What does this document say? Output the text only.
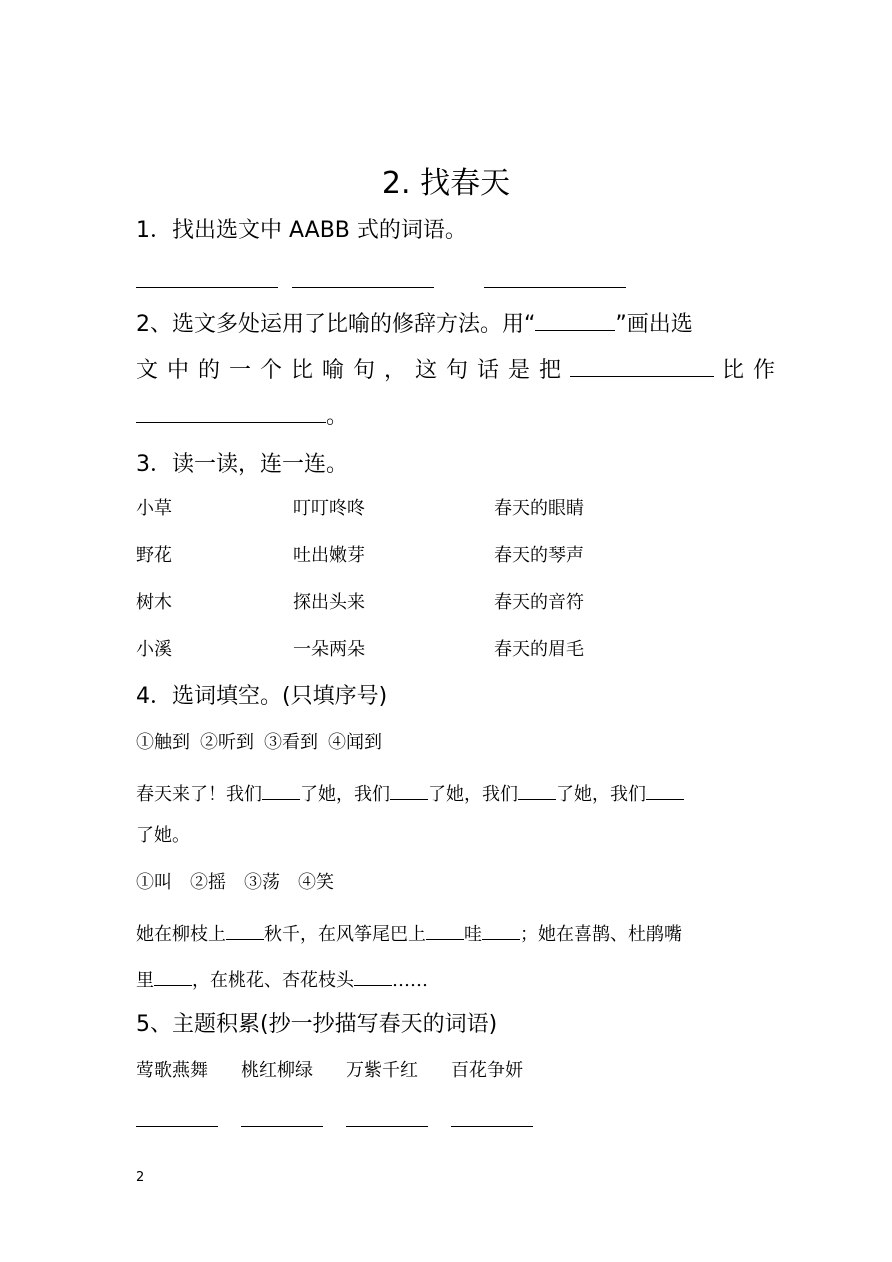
2. 找春天
1．找出选文中 AABB 式的词语。
2、选文多处运用了比喻的修辞方法。用“	”画出选
文中的一个比喻句，这句话是把	比作
。
3．读一读，连一连。
小草	叮叮咚咚	春天的眼睛
野花	吐出嫩芽	春天的琴声
树木	探出头来	春天的音符
小溪	一朵两朵	春天的眉毛
4．选词填空。(只填序号)
①触到 ②听到 ③看到 ④闻到
春天来了！我们 了她，我们 了她，我们 了她，我们
了她。
①叫 ②摇 ③荡 ④笑
她在柳枝上 秋千，在风筝尾巴上 哇 ；她在喜鹊、杜鹃嘴
里 ，在桃花、杏花枝头 ……
5、主题积累(抄一抄描写春天的词语)
莺歌燕舞 桃红柳绿 万紫千红 百花争妍
2
